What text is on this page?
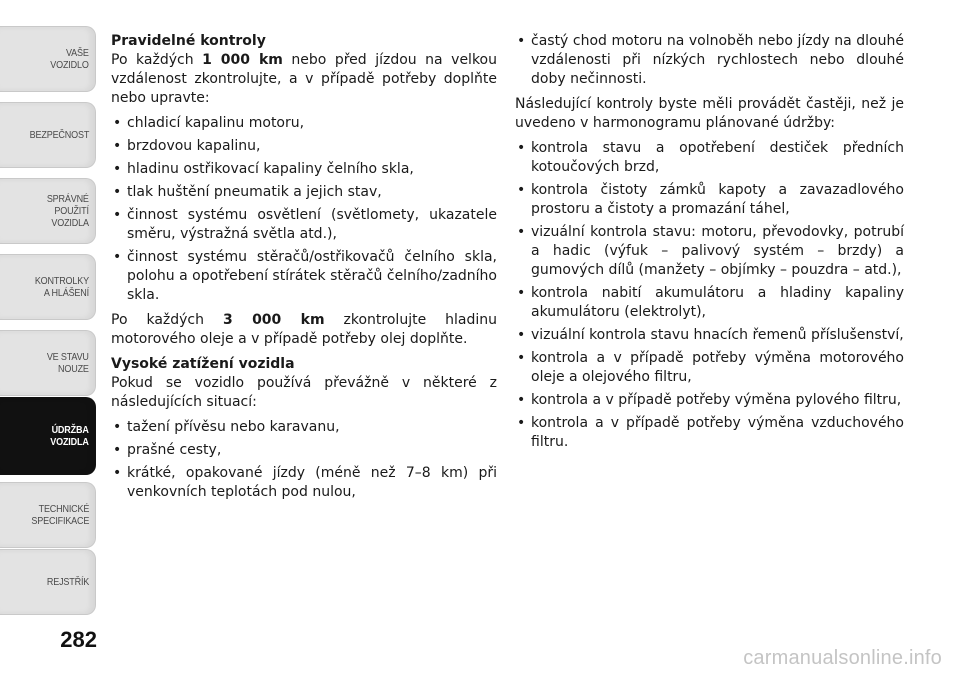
VAŠE
VOZIDLO
BEZPEČNOST
SPRÁVNÉ
POUŽITÍ
VOZIDLA
KONTROLKY
A HLÁŠENÍ
VE STAVU
NOUZE
ÚDRŽBA
VOZIDLA
TECHNICKÉ
SPECIFIKACE
REJSTŘÍK
282

Pravidelné kontroly

Po každých 1 000 km nebo před jízdou na velkou vzdálenost zkontrolujte, a v případě potřeby doplňte nebo upravte:

• chladicí kapalinu motoru,
• brzdovou kapalinu,
• hladinu ostřikovací kapaliny čelního skla,
• tlak huštění pneumatik a jejich stav,
• činnost systému osvětlení (světlomety, ukazatele směru, výstražná světla atd.),
• činnost systému stěračů/ostřikovačů čelního skla, polohu a opotřebení stírátek stěračů čelního/zadního skla.

Po každých 3 000 km zkontrolujte hladinu motorového oleje a v případě potřeby olej doplňte.

Vysoké zatížení vozidla

Pokud se vozidlo používá převážně v některé z následujících situací:

• tažení přívěsu nebo karavanu,
• prašné cesty,
• krátké, opakované jízdy (méně než 7–8 km) při venkovních teplotách pod nulou,
• častý chod motoru na volnoběh nebo jízdy na dlouhé vzdálenosti při nízkých rychlostech nebo dlouhé doby nečinnosti.

Následující kontroly byste měli provádět častěji, než je uvedeno v harmonogramu plánované údržby:

• kontrola stavu a opotřebení destiček předních kotoučových brzd,
• kontrola čistoty zámků kapoty a zavazadlového prostoru a čistoty a promazání táhel,
• vizuální kontrola stavu: motoru, převodovky, potrubí a hadic (výfuk – palivový systém – brzdy) a gumových dílů (manžety – objímky – pouzdra – atd.),
• kontrola nabití akumulátoru a hladiny kapaliny akumulátoru (elektrolyt),
• vizuální kontrola stavu hnacích řemenů příslušenství,
• kontrola a v případě potřeby výměna motorového oleje a olejového filtru,
• kontrola a v případě potřeby výměna pylového filtru,
• kontrola a v případě potřeby výměna vzduchového filtru.
carmanualsonline.info
